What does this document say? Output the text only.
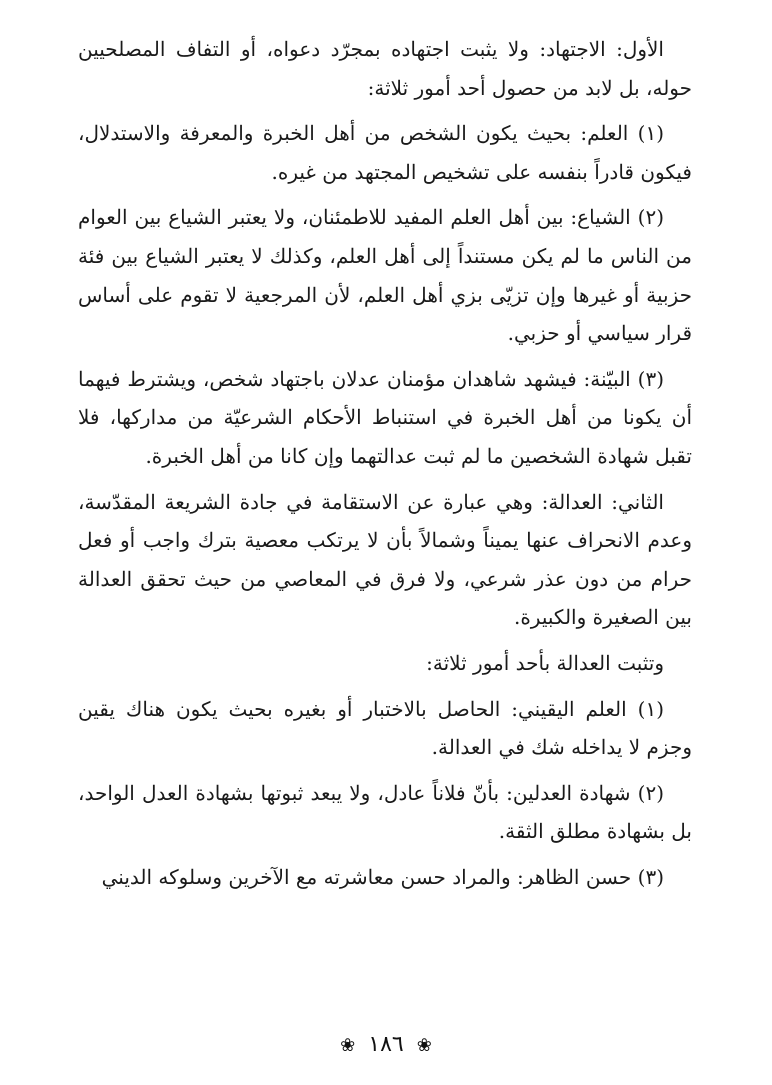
الأول: الاجتهاد: ولا يثبت اجتهاده بمجرّد دعواه، أو التفاف المصلحيين حوله، بل لابد من حصول أحد أمور ثلاثة:

(١) العلم: بحيث يكون الشخص من أهل الخبرة والمعرفة والاستدلال، فيكون قادراً بنفسه على تشخيص المجتهد من غيره.

(٢) الشياع: بين أهل العلم المفيد للاطمئنان، ولا يعتبر الشياع بين العوام من الناس ما لم يكن مستنداً إلى أهل العلم، وكذلك لا يعتبر الشياع بين فئة حزبية أو غيرها وإن تزيّى بزي أهل العلم، لأن المرجعية لا تقوم على أساس قرار سياسي أو حزبي.

(٣) البيّنة: فيشهد شاهدان مؤمنان عدلان باجتهاد شخص، ويشترط فيهما أن يكونا من أهل الخبرة في استنباط الأحكام الشرعيّة من مداركها، فلا تقبل شهادة الشخصين ما لم ثبت عدالتهما وإن كانا من أهل الخبرة.

الثاني: العدالة: وهي عبارة عن الاستقامة في جادة الشريعة المقدّسة، وعدم الانحراف عنها يميناً وشمالاً بأن لا يرتكب معصية بترك واجب أو فعل حرام من دون عذر شرعي، ولا فرق في المعاصي من حيث تحقق العدالة بين الصغيرة والكبيرة.

وتثبت العدالة بأحد أمور ثلاثة:

(١) العلم اليقيني: الحاصل بالاختبار أو بغيره بحيث يكون هناك يقين وجزم لا يداخله شك في العدالة.

(٢) شهادة العدلين: بأنّ فلاناً عادل، ولا يبعد ثبوتها بشهادة العدل الواحد، بل بشهادة مطلق الثقة.

(٣) حسن الظاهر: والمراد حسن معاشرته مع الآخرين وسلوكه الديني

❀ ١٨٦ ❀
